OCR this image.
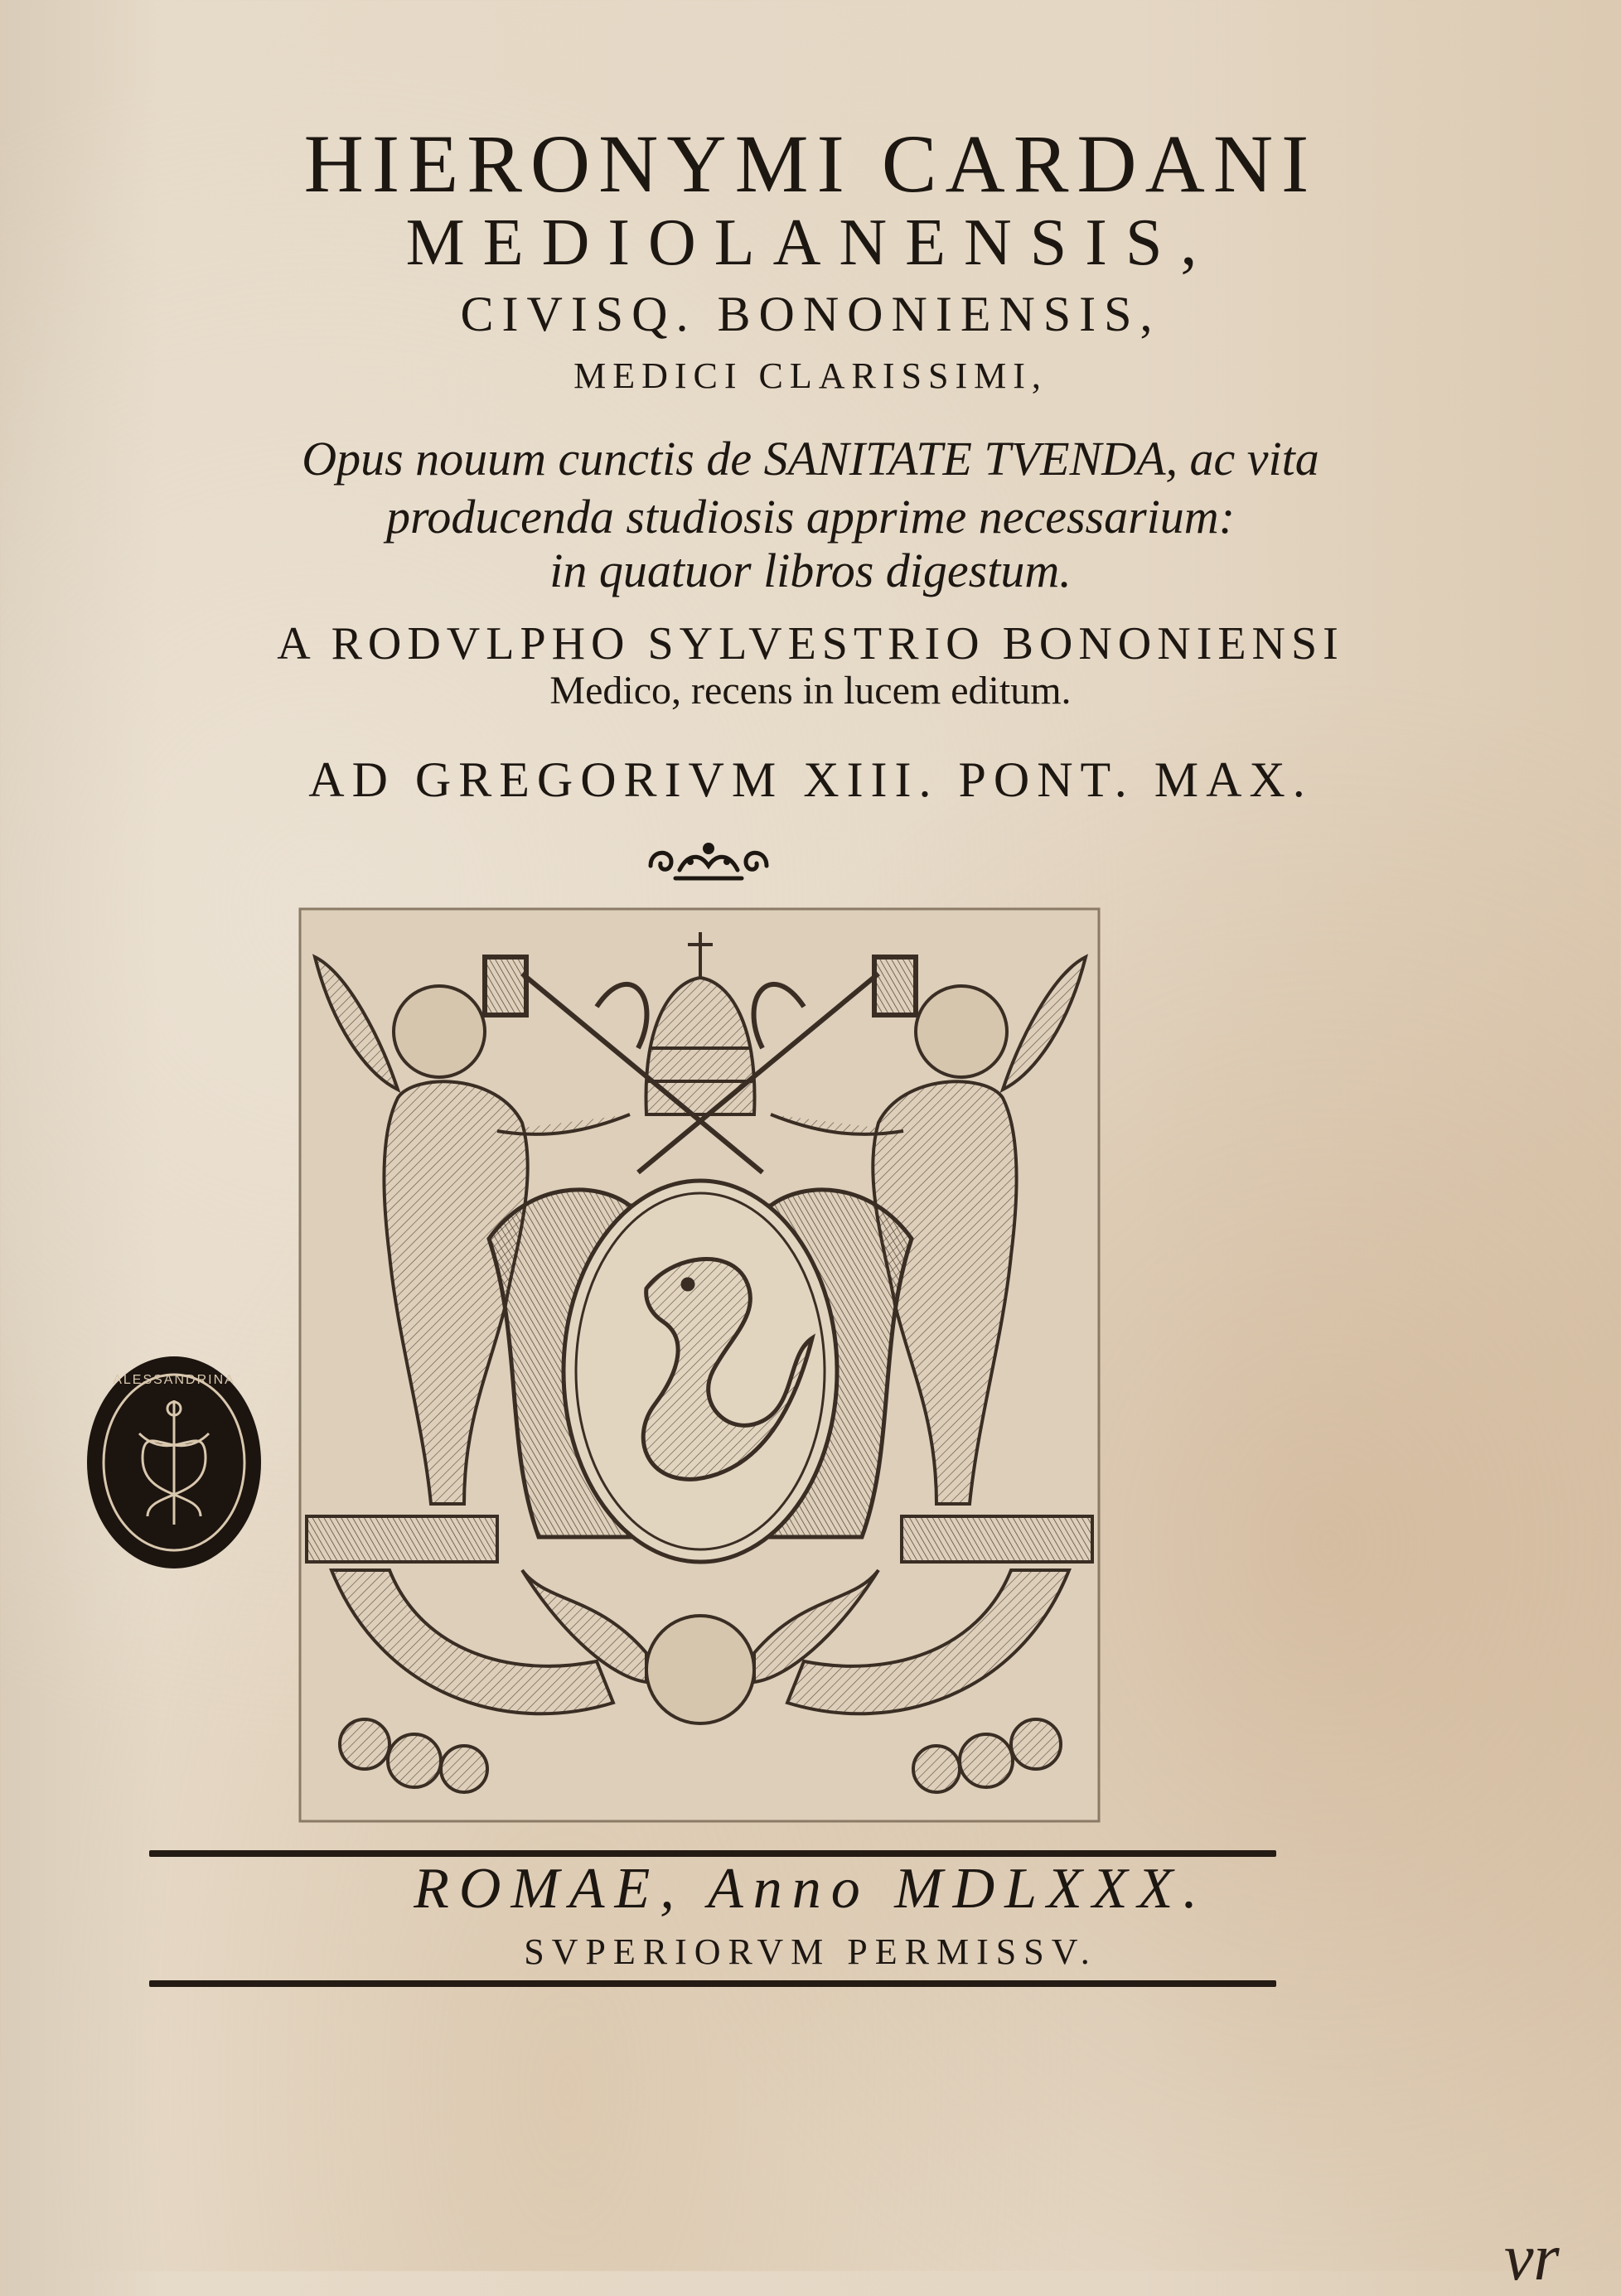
HIERONYMI CARDANI
MEDIOLANENSIS,
CIVISQ. BONONIENSIS,
MEDICI CLARISSIMI,
Opus nouum cunctis de SANITATE TVENDA, ac vita
producenda studiosis apprime necessarium:
in quatuor libros digestum.
A RODVLPHO SYLVESTRIO BONONIENSI
Medico, recens in lucem editum.
AD GREGORIVM XIII. PONT. MAX.
ALESSANDRINA
ROMAE, Anno MDLXXX.
SVPERIORVM PERMISSV.
vr
